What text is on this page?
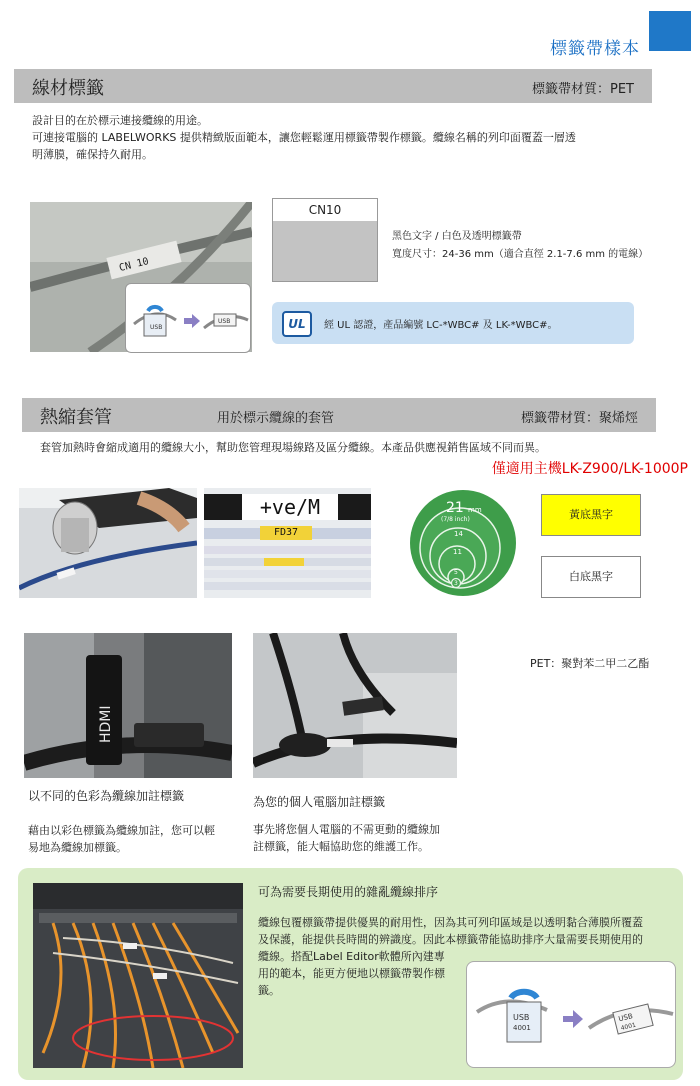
標籤帶樣本
線材標籤	標籤帶材質：PET
設計目的在於標示連接纜線的用途。
可連接電腦的 LABELWORKS 提供精緻版面範本，讓您輕鬆運用標籤帶製作標籤。纜線名稱的列印面覆蓋一層透
明薄膜，確保持久耐用。
CN 10
USB
USB
CN10
黑色文字 / 白色及透明標籤帶
寬度尺寸：24-36 mm（適合直徑 2.1-7.6 mm 的電線）
UL	經 UL 認證，產品編號 LC-*WBC# 及 LK-*WBC#。
熱縮套管	用於標示纜線的套管	標籤帶材質：聚烯烴
套管加熱時會縮成適用的纜線大小，幫助您管理現場線路及區分纜線。本產品供應視銷售區域不同而異。
僅適用主機LK-Z900/LK-1000P
+ve/M
FD37
21 mm
(7/8 inch)
14
11
5
3
黃底黑字
白底黑字
PET：聚對苯二甲二乙酯
HDMI
以不同的色彩為纜線加註標籤
藉由以彩色標籤為纜線加註，您可以輕
易地為纜線加標籤。
為您的個人電腦加註標籤
事先將您個人電腦的不需更動的纜線加
註標籤，能大幅協助您的維護工作。
可為需要長期使用的雜亂纜線排序
纜線包覆標籤帶提供優異的耐用性，因為其可列印區域是以透明黏合薄膜所覆蓋
及保護，能提供長時間的辨識度。因此本標籤帶能協助排序大量需要長期使用的
纜線。搭配Label Editor軟體所內建專
用的範本，能更方便地以標籤帶製作標
籤。
USB
4001
USB
4001
